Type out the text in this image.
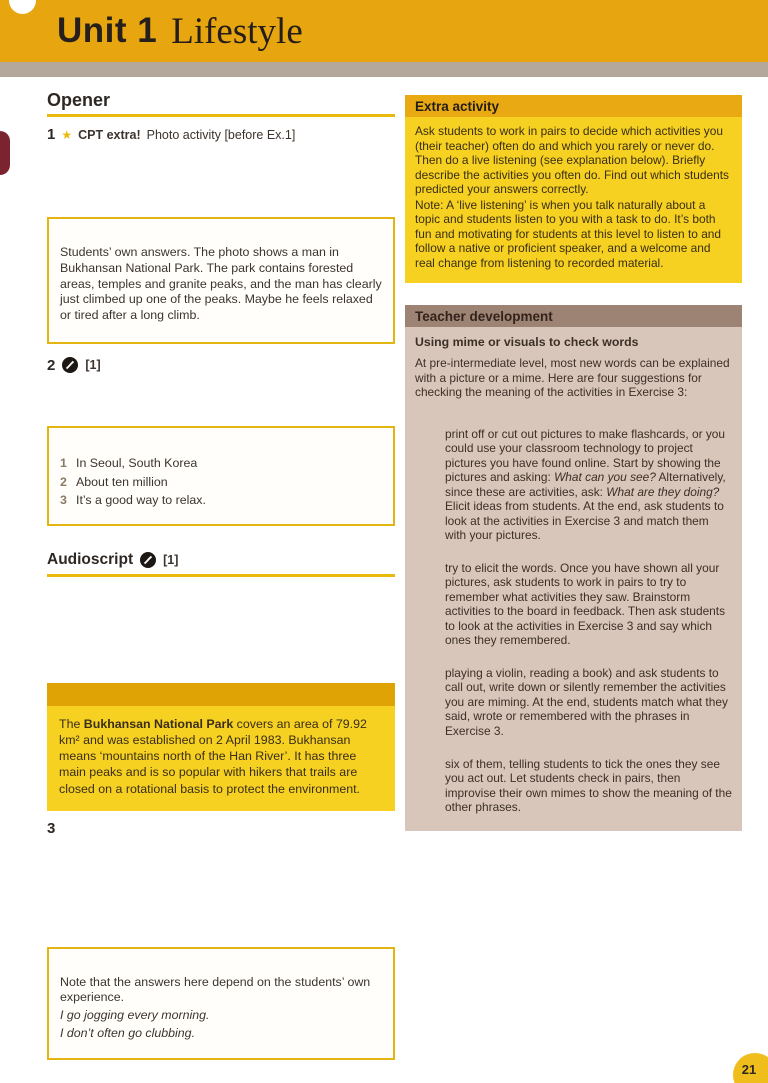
Unit 1 Lifestyle
Opener
1 ★ CPT extra! Photo activity [before Ex.1]
Students’ own answers. The photo shows a man in Bukhansan National Park. The park contains forested areas, temples and granite peaks, and the man has clearly just climbed up one of the peaks. Maybe he feels relaxed or tired after a long climb.
2 [1]
1 In Seoul, South Korea
2 About ten million
3 It’s a good way to relax.
Audioscript [1]
The Bukhansan National Park covers an area of 79.92 km² and was established on 2 April 1983. Bukhansan means ‘mountains north of the Han River’. It has three main peaks and is so popular with hikers that trails are closed on a rotational basis to protect the environment.
3
Note that the answers here depend on the students’ own experience.
I go jogging every morning.
I don’t often go clubbing.
Extra activity

Ask students to work in pairs to decide which activities you (their teacher) often do and which you rarely or never do. Then do a live listening (see explanation below). Briefly describe the activities you often do. Find out which students predicted your answers correctly.

Note: A ‘live listening’ is when you talk naturally about a topic and students listen to you with a task to do. It’s both fun and motivating for students at this level to listen to and follow a native or proficient speaker, and a welcome and real change from listening to recorded material.

Teacher development
Using mime or visuals to check words

At pre-intermediate level, most new words can be explained with a picture or a mime. Here are four suggestions for checking the meaning of the activities in Exercise 3:

print off or cut out pictures to make flashcards, or you could use your classroom technology to project pictures you have found online. Start by showing the pictures and asking: What can you see? Alternatively, since these are activities, ask: What are they doing? Elicit ideas from students. At the end, ask students to look at the activities in Exercise 3 and match them with your pictures.

try to elicit the words. Once you have shown all your pictures, ask students to work in pairs to try to remember what activities they saw. Brainstorm activities to the board in feedback. Then ask students to look at the activities in Exercise 3 and say which ones they remembered.

playing a violin, reading a book) and ask students to call out, write down or silently remember the activities you are miming. At the end, students match what they said, wrote or remembered with the phrases in Exercise 3.

six of them, telling students to tick the ones they see you act out. Let students check in pairs, then improvise their own mimes to show the meaning of the other phrases.

21
